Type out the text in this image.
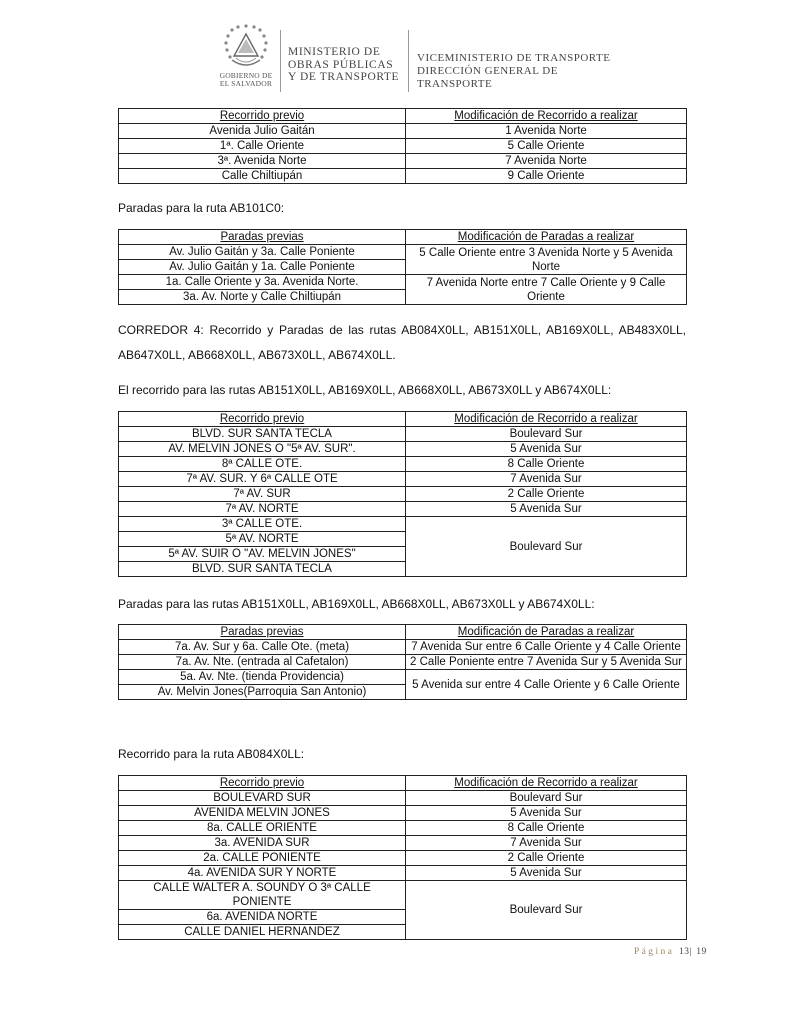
GOBIERNO DE
EL SALVADOR
MINISTERIO DE
OBRAS PÚBLICAS
Y DE TRANSPORTE
VICEMINISTERIO DE TRANSPORTE
DIRECCIÓN GENERAL DE TRANSPORTE
Recorrido previo	Modificación de Recorrido a realizar
Avenida Julio Gaitán	1 Avenida Norte
1ª. Calle Oriente	5 Calle Oriente
3ª. Avenida Norte	7 Avenida Norte
Calle Chiltiupán	9 Calle Oriente
Paradas para la ruta AB101C0:
Paradas previas	Modificación de Paradas a realizar
Av. Julio Gaitán y 3a. Calle Poniente	5 Calle Oriente entre 3 Avenida Norte y 5 Avenida Norte
Av. Julio Gaitán y 1a. Calle Poniente	
1a. Calle Oriente y 3a. Avenida Norte.	7 Avenida Norte entre 7 Calle Oriente y 9 Calle Oriente
3a. Av. Norte y Calle Chiltiupán	
CORREDOR 4: Recorrido y Paradas de las rutas AB084X0LL, AB151X0LL, AB169X0LL, AB483X0LL, AB647X0LL, AB668X0LL, AB673X0LL, AB674X0LL.
El recorrido para las rutas AB151X0LL, AB169X0LL, AB668X0LL, AB673X0LL y AB674X0LL:
Recorrido previo	Modificación de Recorrido a realizar
BLVD. SUR SANTA TECLA	Boulevard Sur
AV. MELVIN JONES O "5ª AV. SUR".	5 Avenida Sur
8ª CALLE OTE.	8 Calle Oriente
7ª AV. SUR. Y 6ª CALLE OTE	7 Avenida Sur
7ª AV. SUR	2 Calle Oriente
7ª AV. NORTE	5 Avenida Sur
3ª CALLE OTE.	Boulevard Sur
5ª AV. NORTE	
5ª AV. SUIR O "AV. MELVIN JONES"	
BLVD. SUR SANTA TECLA	
Paradas para las rutas AB151X0LL, AB169X0LL, AB668X0LL, AB673X0LL y AB674X0LL:
Paradas previas	Modificación de Paradas a realizar
7a. Av. Sur y 6a. Calle Ote. (meta)	7 Avenida Sur entre 6 Calle Oriente y 4 Calle Oriente
7a. Av. Nte. (entrada al Cafetalon)	2 Calle Poniente entre 7 Avenida Sur y 5 Avenida Sur
5a. Av. Nte. (tienda Providencia)	5 Avenida sur entre 4 Calle Oriente y 6 Calle Oriente
Av. Melvin Jones(Parroquia San Antonio)	
Recorrido para la ruta AB084X0LL:
Recorrido previo	Modificación de Recorrido a realizar
BOULEVARD SUR	Boulevard Sur
AVENIDA MELVIN JONES	5 Avenida Sur
8a. CALLE ORIENTE	8 Calle Oriente
3a. AVENIDA SUR	7 Avenida Sur
2a. CALLE PONIENTE	2 Calle Oriente
4a. AVENIDA SUR Y NORTE	5 Avenida Sur
CALLE WALTER A. SOUNDY O 3ª CALLE PONIENTE	Boulevard Sur
6a. AVENIDA NORTE	
CALLE DANIEL HERNANDEZ	
Página 13| 19
